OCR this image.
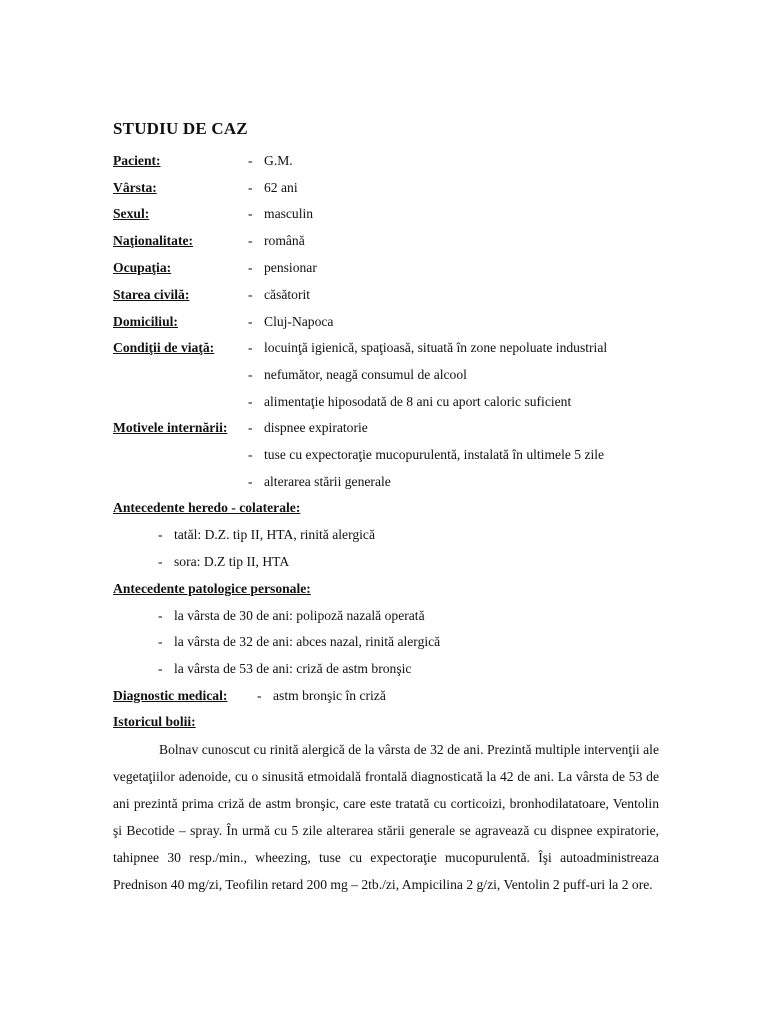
STUDIU DE CAZ
Pacient:	- G.M.
Vârsta:	- 62 ani
Sexul:	- masculin
Naţionalitate:	- română
Ocupaţia:	- pensionar
Starea civilă:	- căsătorit
Domiciliul:	- Cluj-Napoca
Condiţii de viaţă: - locuinţă igienică, spaţioasă, situată în zone nepoluate industrial
- nefumător, neagă consumul de alcool
- alimentaţie hiposodată de 8 ani cu aport caloric suficient
Motivele internării: - dispnee expiratorie
- tuse cu expectoraţie mucopurulentă, instalată în ultimele 5 zile
- alterarea stării generale
Antecedente heredo - colaterale:
- tatăl: D.Z. tip II, HTA, rinită alergică
- sora: D.Z tip II, HTA
Antecedente patologice personale:
- la vârsta de 30 de ani: polipoză nazală operată
- la vârsta de 32 de ani: abces nazal, rinită alergică
- la vârsta de 53 de ani: criză de astm bronşic
Diagnostic medical: - astm bronşic în criză
Istoricul bolii:

Bolnav cunoscut cu rinită alergică de la vârsta de 32 de ani. Prezintă multiple intervenţii ale vegetaţiilor adenoide, cu o sinusită etmoidală frontală diagnosticată la 42 de ani. La vârsta de 53 de ani prezintă prima criză de astm bronşic, care este tratată cu corticoizi, bronhodilatatoare, Ventolin şi Becotide – spray. În urmă cu 5 zile alterarea stării generale se agravează cu dispnee expiratorie, tahipnee 30 resp./min., wheezing, tuse cu expectoraţie mucopurulentă. Îşi autoadministreaza Prednison 40 mg/zi, Teofilin retard 200 mg – 2tb./zi, Ampicilina 2 g/zi, Ventolin 2 puff-uri la 2 ore.
